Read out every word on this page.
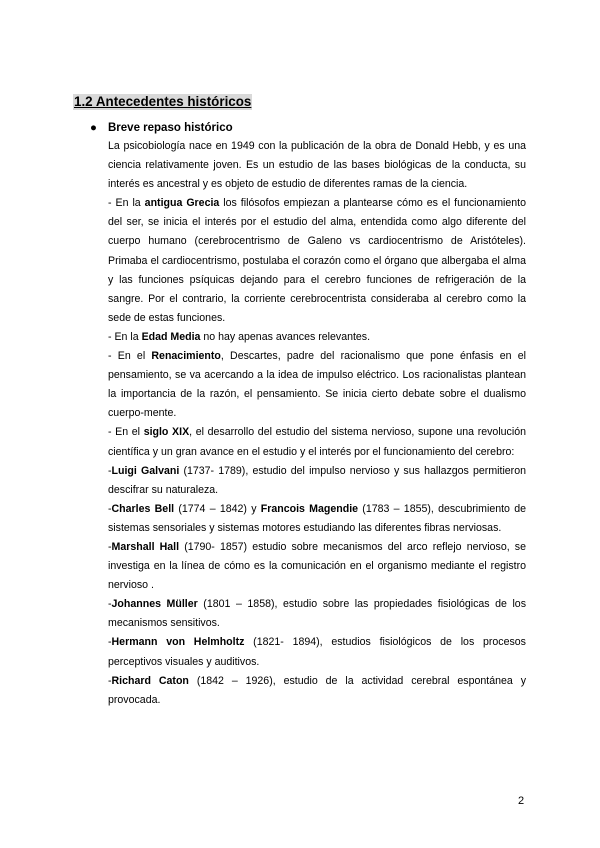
1.2 Antecedentes históricos
● Breve repaso histórico

La psicobiología nace en 1949 con la publicación de la obra de Donald Hebb, y es una ciencia relativamente joven. Es un estudio de las bases biológicas de la conducta, su interés es ancestral y es objeto de estudio de diferentes ramas de la ciencia.

- En la antigua Grecia los filósofos empiezan a plantearse cómo es el funcionamiento del ser, se inicia el interés por el estudio del alma, entendida como algo diferente del cuerpo humano (cerebrocentrismo de Galeno vs cardiocentrismo de Aristóteles). Primaba el cardiocentrismo, postulaba el corazón como el órgano que albergaba el alma y las funciones psíquicas dejando para el cerebro funciones de refrigeración de la sangre. Por el contrario, la corriente cerebrocentrista consideraba al cerebro como la sede de estas funciones.

- En la Edad Media no hay apenas avances relevantes.

- En el Renacimiento, Descartes, padre del racionalismo que pone énfasis en el pensamiento, se va acercando a la idea de impulso eléctrico. Los racionalistas plantean la importancia de la razón, el pensamiento. Se inicia cierto debate sobre el dualismo cuerpo-mente.

- En el siglo XIX, el desarrollo del estudio del sistema nervioso, supone una revolución científica y un gran avance en el estudio y el interés por el funcionamiento del cerebro:

-Luigi Galvani (1737- 1789), estudio del impulso nervioso y sus hallazgos permitieron descifrar su naturaleza.

-Charles Bell (1774 – 1842) y Francois Magendie (1783 – 1855), descubrimiento de sistemas sensoriales y sistemas motores estudiando las diferentes fibras nerviosas.

-Marshall Hall (1790- 1857) estudio sobre mecanismos del arco reflejo nervioso, se investiga en la línea de cómo es la comunicación en el organismo mediante el registro nervioso .

-Johannes Müller (1801 – 1858), estudio sobre las propiedades fisiológicas de los mecanismos sensitivos.

-Hermann von Helmholtz (1821- 1894), estudios fisiológicos de los procesos perceptivos visuales y auditivos.

-Richard Caton (1842 – 1926), estudio de la actividad cerebral espontánea y provocada.

2
